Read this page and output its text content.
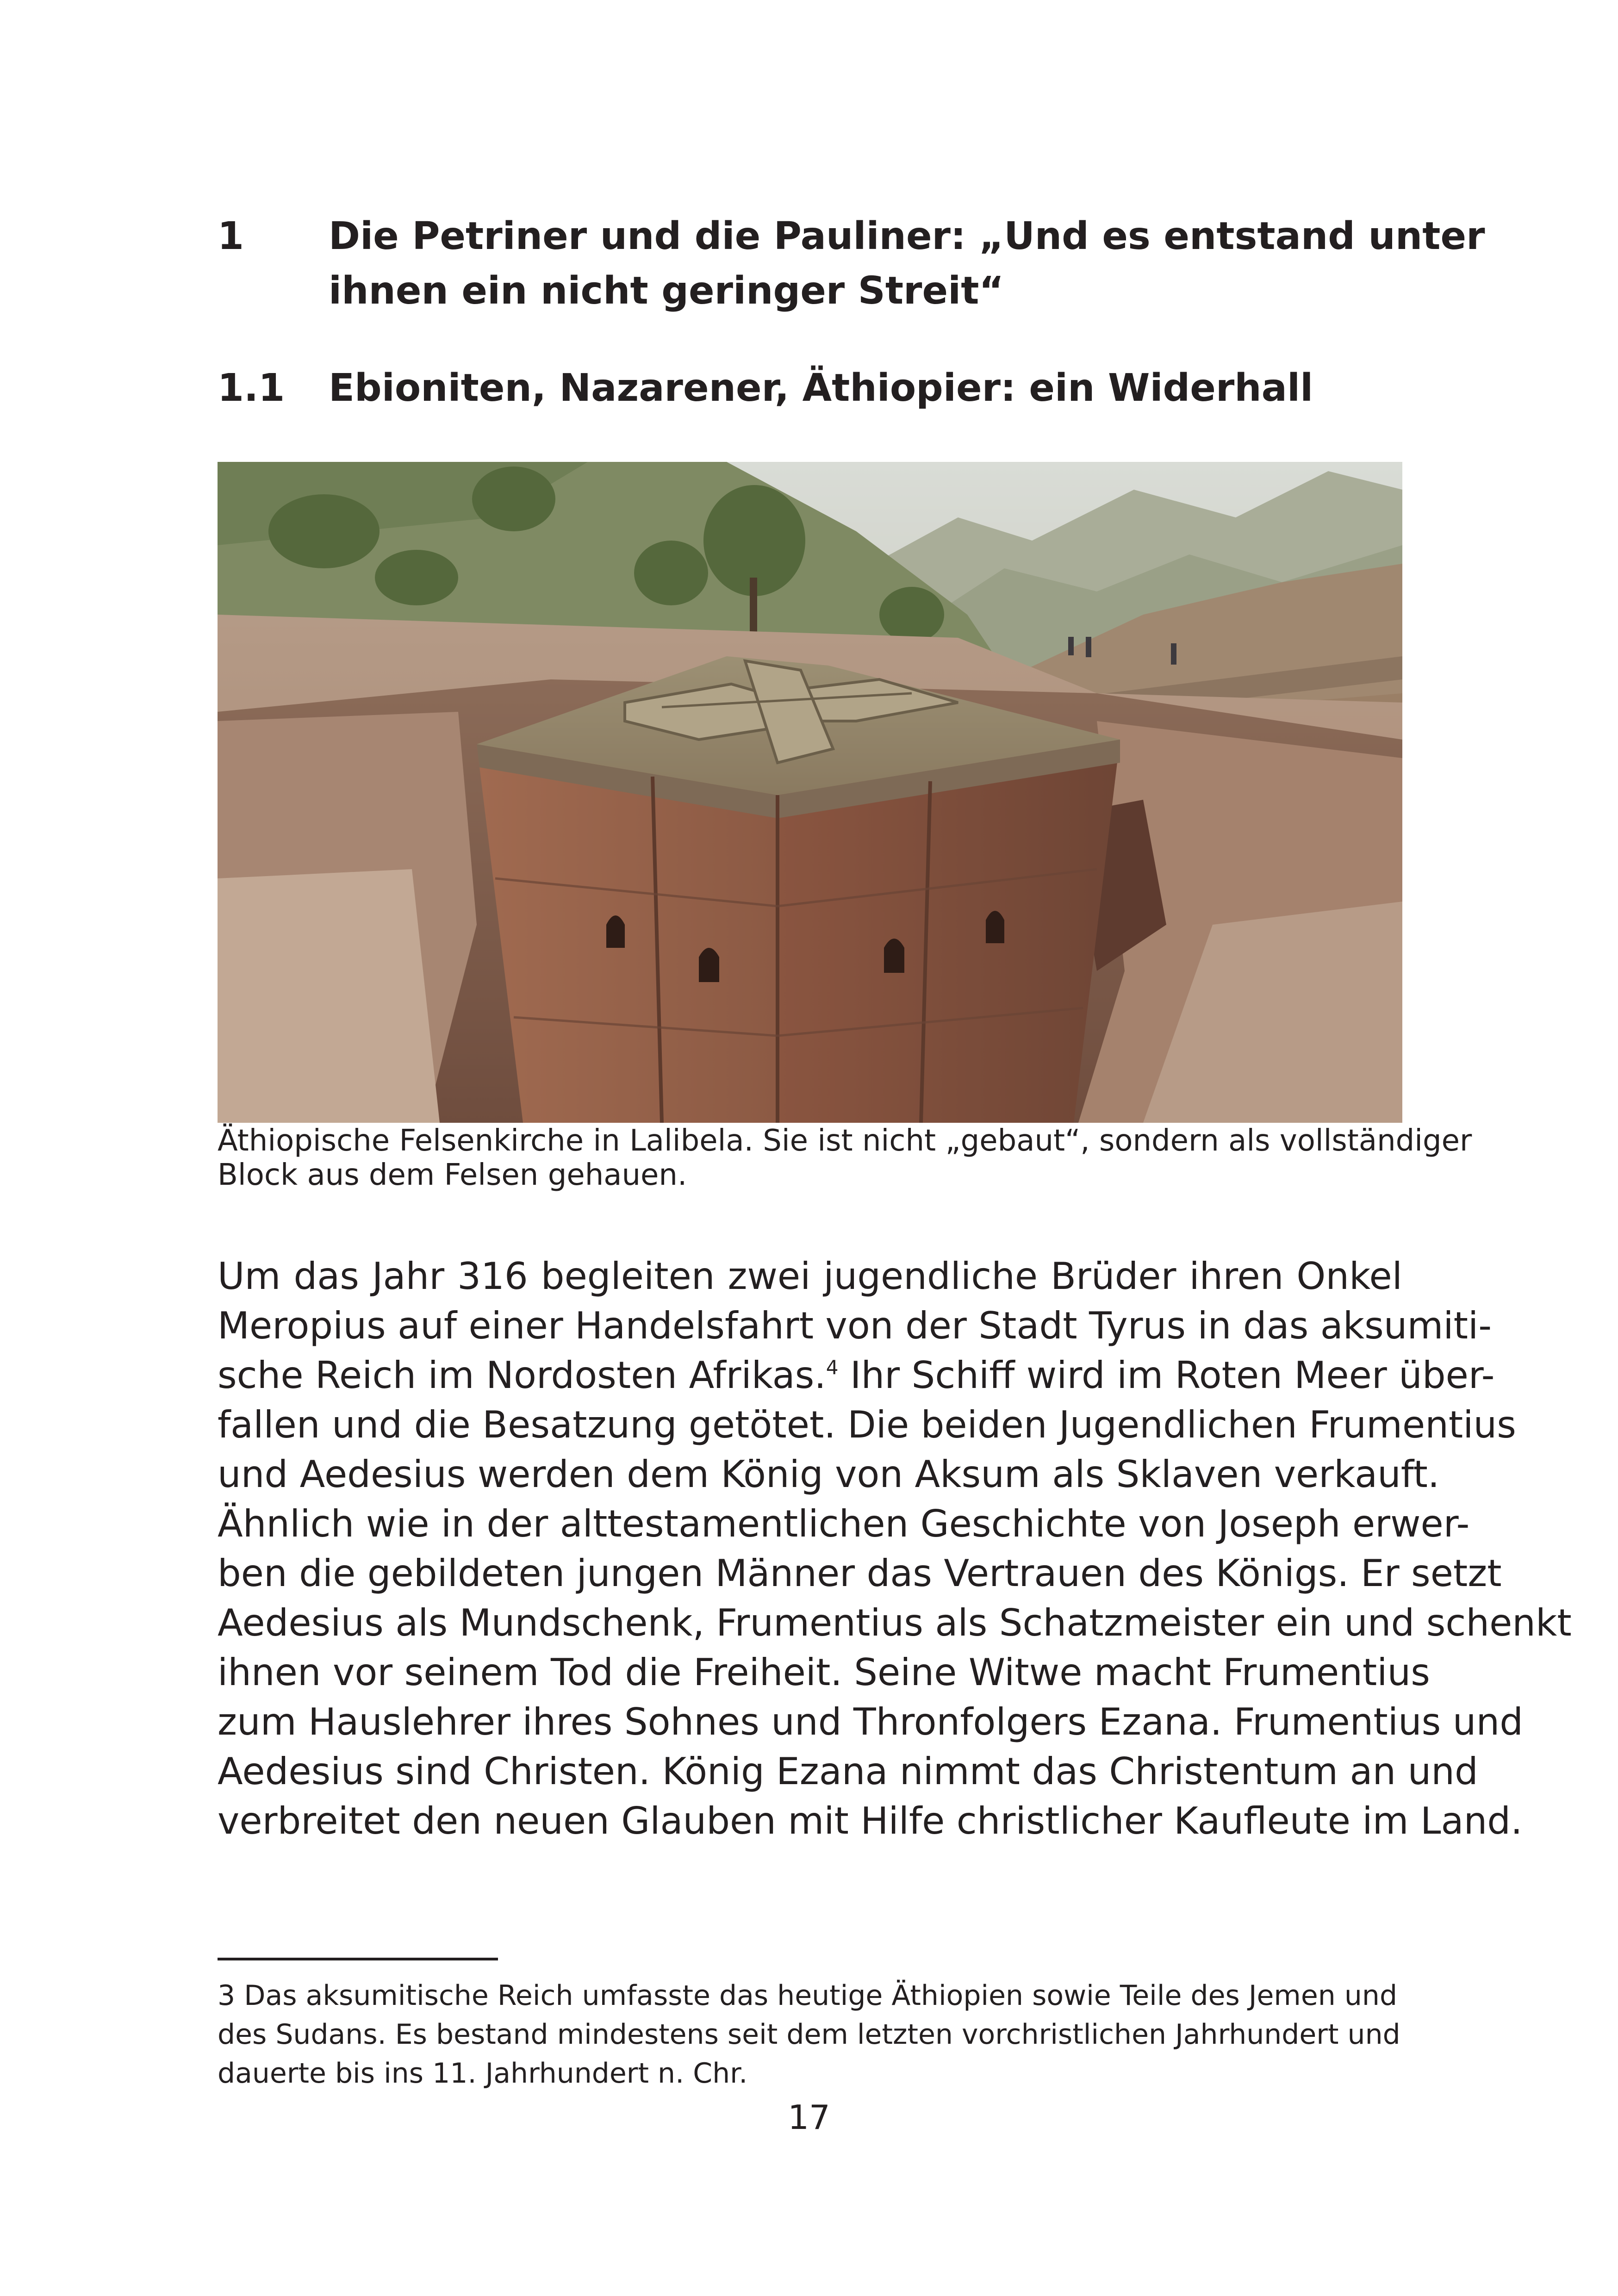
1	Die Petriner und die Pauliner: „Und es entstand unter
ihnen ein nicht geringer Streit“
1.1	Ebioniten, Nazarener, Äthiopier: ein Widerhall
Äthiopische Felsenkirche in Lalibela. Sie ist nicht „gebaut“, sondern als vollständiger
Block aus dem Felsen gehauen.
Um das Jahr 316 begleiten zwei jugendliche Brüder ihren Onkel
Meropius auf einer Handelsfahrt von der Stadt Tyrus in das aksumiti-
sche Reich im Nordosten Afrikas.$^4$ Ihr Schiff wird im Roten Meer über-
fallen und die Besatzung getötet. Die beiden Jugendlichen Frumentius
und Aedesius werden dem König von Aksum als Sklaven verkauft.
Ähnlich wie in der alttestamentlichen Geschichte von Joseph erwer-
ben die gebildeten jungen Männer das Vertrauen des Königs. Er setzt
Aedesius als Mundschenk, Frumentius als Schatzmeister ein und schenkt
ihnen vor seinem Tod die Freiheit. Seine Witwe macht Frumentius
zum Hauslehrer ihres Sohnes und Thronfolgers Ezana. Frumentius und
Aedesius sind Christen. König Ezana nimmt das Christentum an und
verbreitet den neuen Glauben mit Hilfe christlicher Kaufleute im Land.
3 Das aksumitische Reich umfasste das heutige Äthiopien sowie Teile des Jemen und
des Sudans. Es bestand mindestens seit dem letzten vorchristlichen Jahrhundert und
dauerte bis ins 11. Jahrhundert n. Chr.
17
